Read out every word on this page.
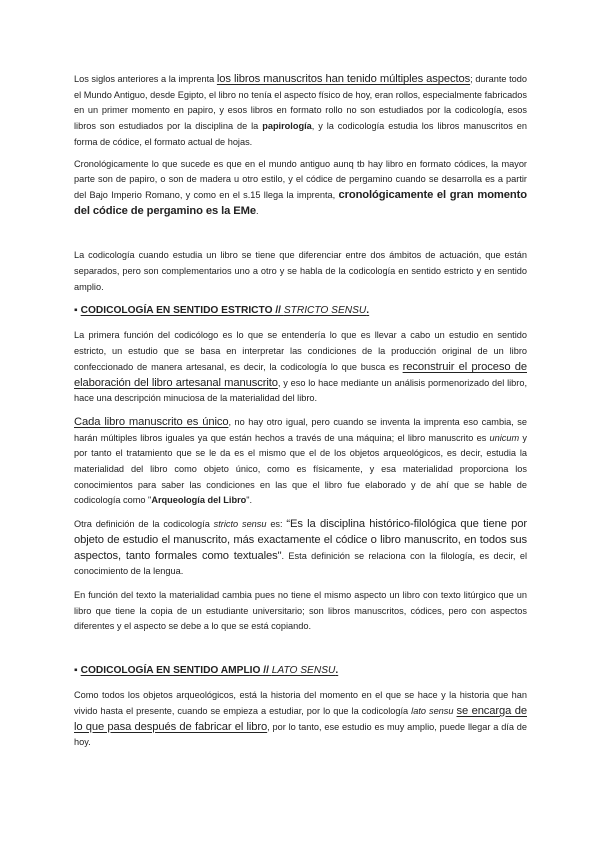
Los siglos anteriores a la imprenta los libros manuscritos han tenido múltiples aspectos; durante todo el Mundo Antiguo, desde Egipto, el libro no tenía el aspecto físico de hoy, eran rollos, especialmente fabricados en un primer momento en papiro, y esos libros en formato rollo no son estudiados por la codicología, esos libros son estudiados por la disciplina de la papirología, y la codicología estudia los libros manuscritos en forma de códice, el formato actual de hojas.

Cronológicamente lo que sucede es que en el mundo antiguo aunq tb hay libro en formato códices, la mayor parte son de papiro, o son de madera u otro estilo, y el códice de pergamino cuando se desarrolla es a partir del Bajo Imperio Romano, y como en el s.15 llega la imprenta, cronológicamente el gran momento del códice de pergamino es la EMe.

La codicología cuando estudia un libro se tiene que diferenciar entre dos ámbitos de actuación, que están separados, pero son complementarios uno a otro y se habla de la codicología en sentido estricto y en sentido amplio.

▪ CODICOLOGÍA EN SENTIDO ESTRICTO // STRICTO SENSU.

La primera función del codicólogo es lo que se entendería lo que es llevar a cabo un estudio en sentido estricto, un estudio que se basa en interpretar las condiciones de la producción original de un libro confeccionado de manera artesanal, es decir, la codicología lo que busca es reconstruir el proceso de elaboración del libro artesanal manuscrito, y eso lo hace mediante un análisis pormenorizado del libro, hace una descripción minuciosa de la materialidad del libro.

Cada libro manuscrito es único, no hay otro igual, pero cuando se inventa la imprenta eso cambia, se harán múltiples libros iguales ya que están hechos a través de una máquina; el libro manuscrito es unicum y por tanto el tratamiento que se le da es el mismo que el de los objetos arqueológicos, es decir, estudia la materialidad del libro como objeto único, como es físicamente, y esa materialidad proporciona los conocimientos para saber las condiciones en las que el libro fue elaborado y de ahí que se hable de codicología como "Arqueología del Libro".

Otra definición de la codicología stricto sensu es: “Es la disciplina histórico-filológica que tiene por objeto de estudio el manuscrito, más exactamente el códice o libro manuscrito, en todos sus aspectos, tanto formales como textuales". Esta definición se relaciona con la filología, es decir, el conocimiento de la lengua.

En función del texto la materialidad cambia pues no tiene el mismo aspecto un libro con texto litúrgico que un libro que tiene la copia de un estudiante universitario; son libros manuscritos, códices, pero con aspectos diferentes y el aspecto se debe a lo que se está copiando.

▪ CODICOLOGÍA EN SENTIDO AMPLIO // LATO SENSU.

Como todos los objetos arqueológicos, está la historia del momento en el que se hace y la historia que han vivido hasta el presente, cuando se empieza a estudiar, por lo que la codicología lato sensu se encarga de lo que pasa después de fabricar el libro, por lo tanto, ese estudio es muy amplio, puede llegar a día de hoy.
